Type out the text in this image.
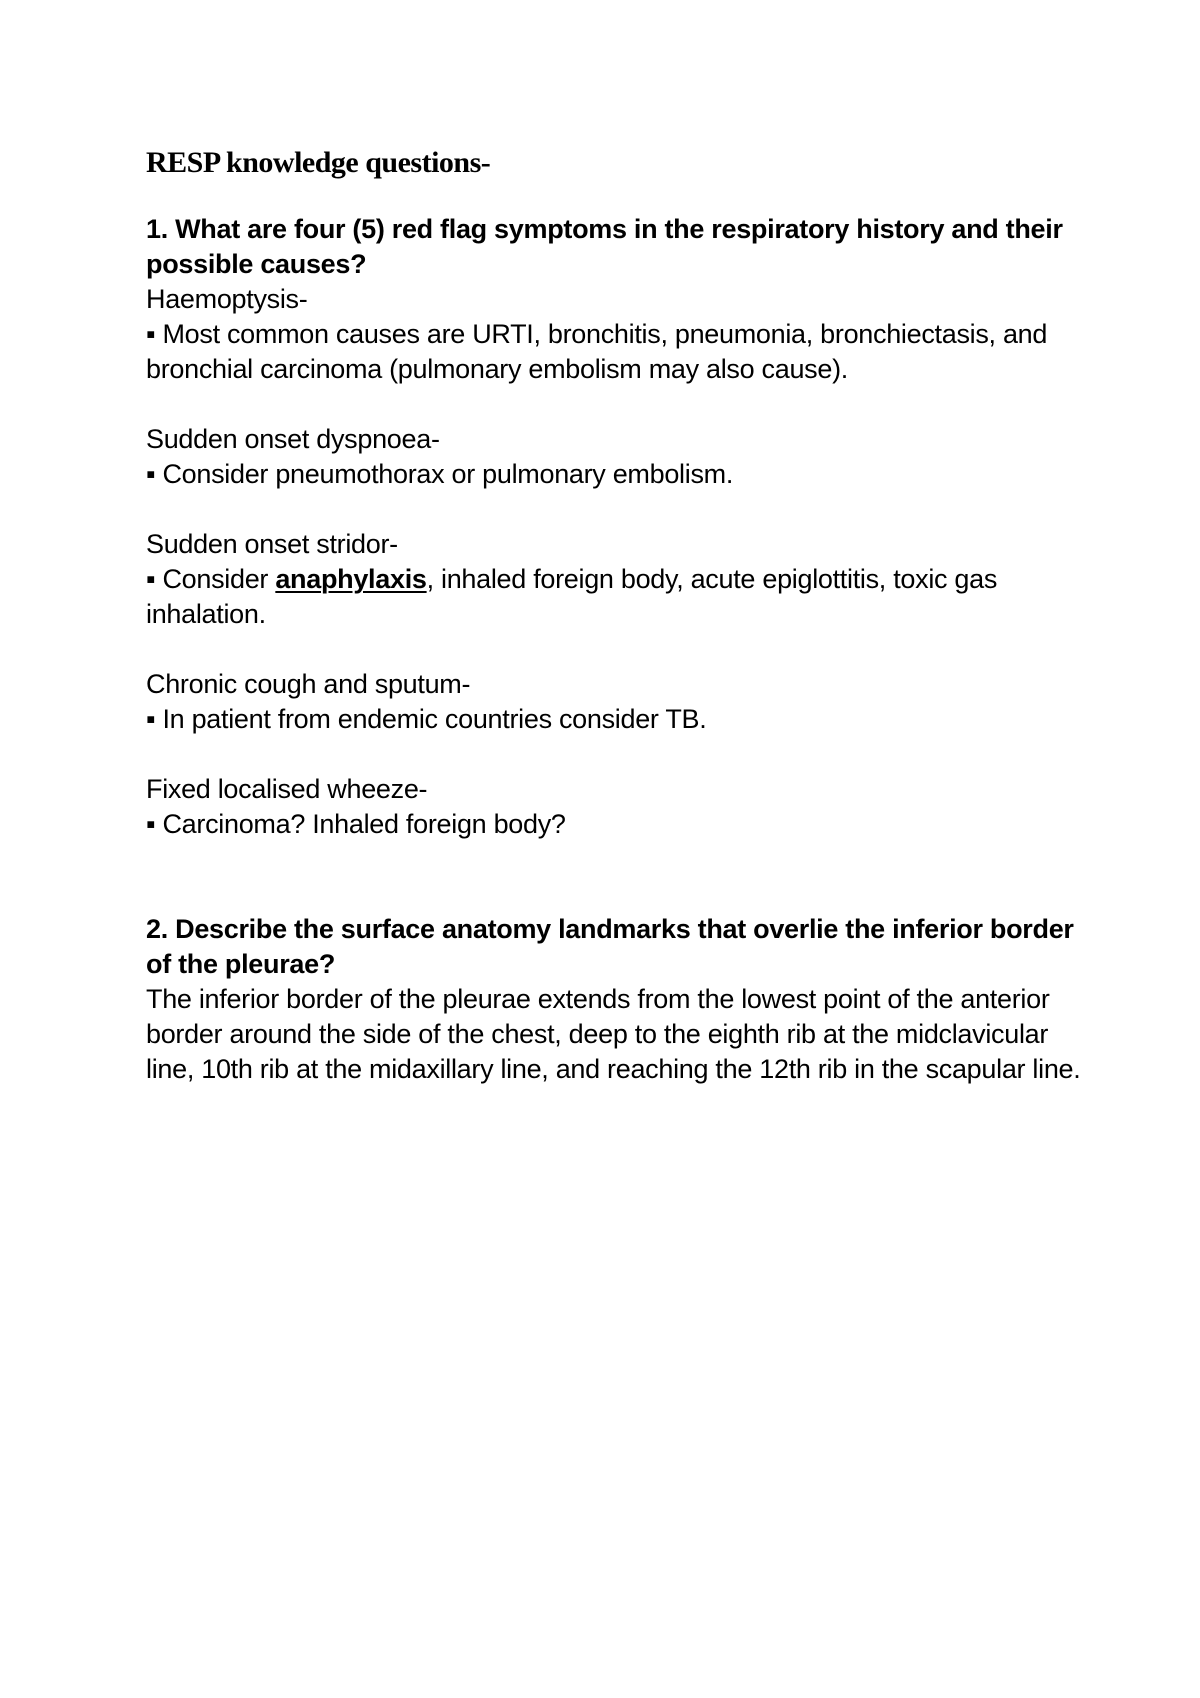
RESP knowledge questions-

1. What are four (5) red flag symptoms in the respiratory history and their possible causes?

Haemoptysis-

▪ Most common causes are URTI, bronchitis, pneumonia, bronchiectasis, and bronchial carcinoma (pulmonary embolism may also cause).

Sudden onset dyspnoea-

▪ Consider pneumothorax or pulmonary embolism.

Sudden onset stridor-

▪ Consider anaphylaxis, inhaled foreign body, acute epiglottitis, toxic gas inhalation.

Chronic cough and sputum-

▪ In patient from endemic countries consider TB.

Fixed localised wheeze-

▪ Carcinoma? Inhaled foreign body?

2. Describe the surface anatomy landmarks that overlie the inferior border of the pleurae?

The inferior border of the pleurae extends from the lowest point of the anterior border around the side of the chest, deep to the eighth rib at the midclavicular line, 10th rib at the midaxillary line, and reaching the 12th rib in the scapular line.
